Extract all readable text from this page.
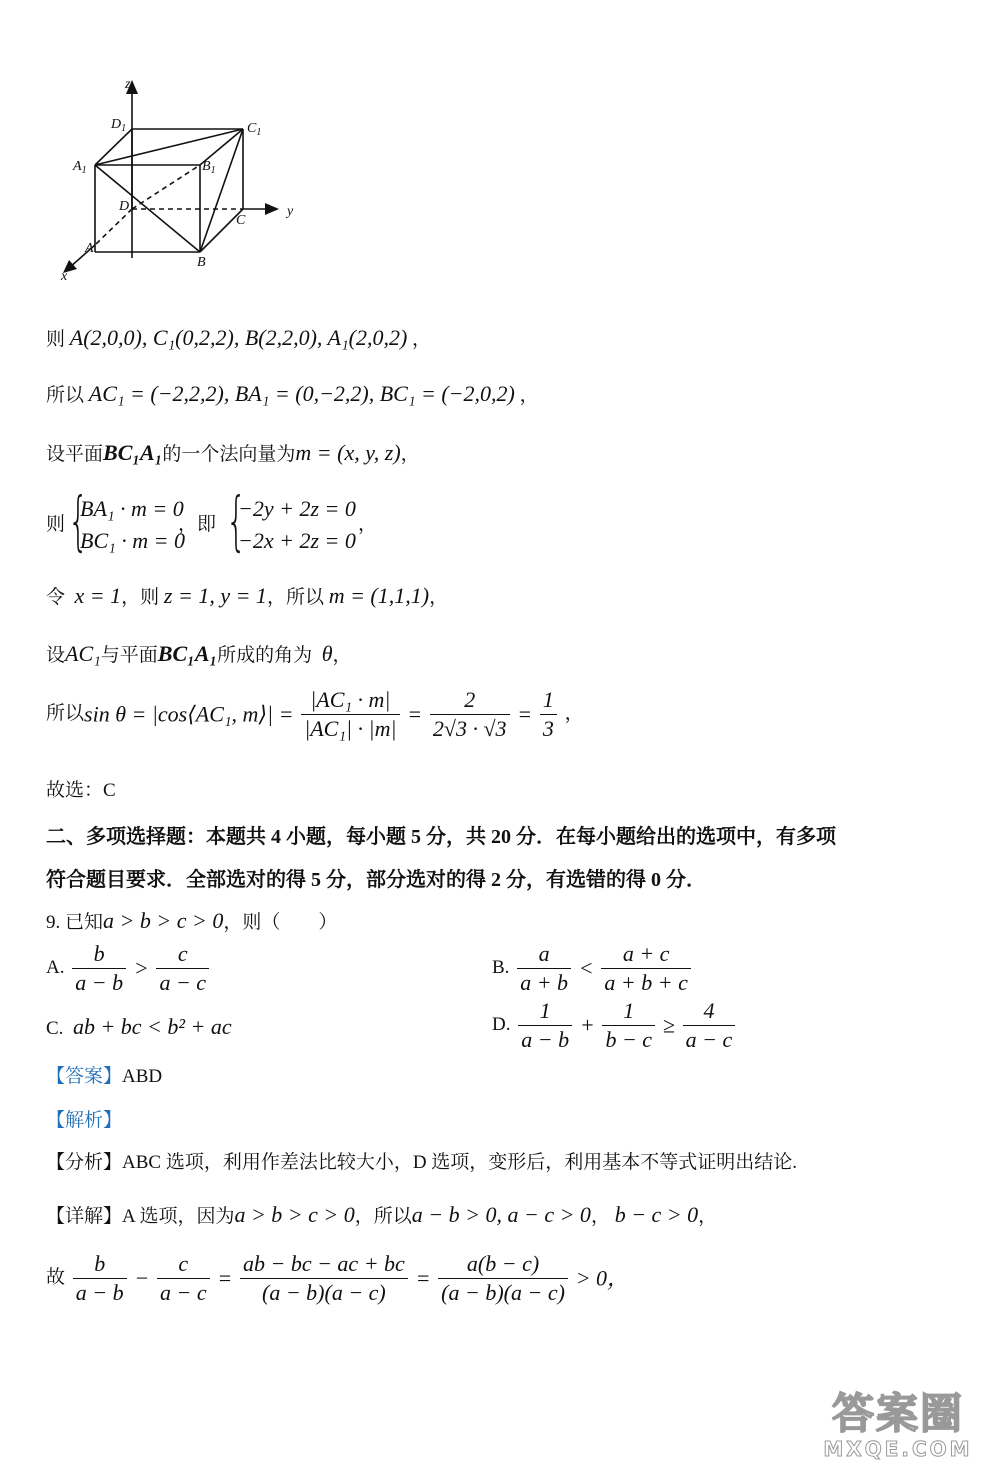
z
y
x
$D_1$	$C_1$
$A_1$	$B_1$
D
C
A
B
则 A(2,0,0), C₁(0,2,2), B(2,2,0), A₁(2,0,2) ，
所以 AC₁ = (−2,2,2), BA₁ = (0,−2,2), BC₁ = (−2,0,2) ，
设平面BC₁A₁的一个法向量为m = (x, y, z)，
则 {
BA₁ · m = 0
BC₁ · m = 0
，即 {
−2y + 2z = 0
−2x + 2z = 0
，
令 x = 1，则 z = 1, y = 1，所以 m = (1,1,1)，
设AC₁与平面BC₁A₁所成的角为 θ，
所以sin θ = |cos⟨AC₁, m⟩| = $\frac{\text{|AC₁ · m|}}{\text{|AC₁| · |m|}} = \frac{2}{2√3 \cdot √3} = \frac{1}{3}$ ，
故选：C
二、多项选择题：本题共 4 小题，每小题 5 分，共 20 分．在每小题给出的选项中，有多项
符合题目要求．全部选对的得 5 分，部分选对的得 2 分，有选错的得 0 分．
9. 已知a > b > c > 0，则（　　）
A. $\frac{b}{a - b} > \frac{c}{a - c}$	B. $\frac{a}{a + b} < \frac{a + c}{a + b + c}$
C. ab + bc < b² + ac	D. $\frac{1}{a - b} + \frac{1}{b - c} \ge \frac{4}{a - c}$
【答案】ABD
【解析】
【分析】ABC 选项，利用作差法比较大小，D 选项，变形后，利用基本不等式证明出结论.
【详解】A 选项，因为a > b > c > 0，所以a − b > 0, a − c > 0， b − c > 0，
故 $\frac{b}{a - b} - \frac{c}{a - c} = \frac{ab - bc - ac + bc}{(a - b)(a - c)} = \frac{a(b - c)}{(a - b)(a - c)} > 0$，
答案圈
MXQE.COM
